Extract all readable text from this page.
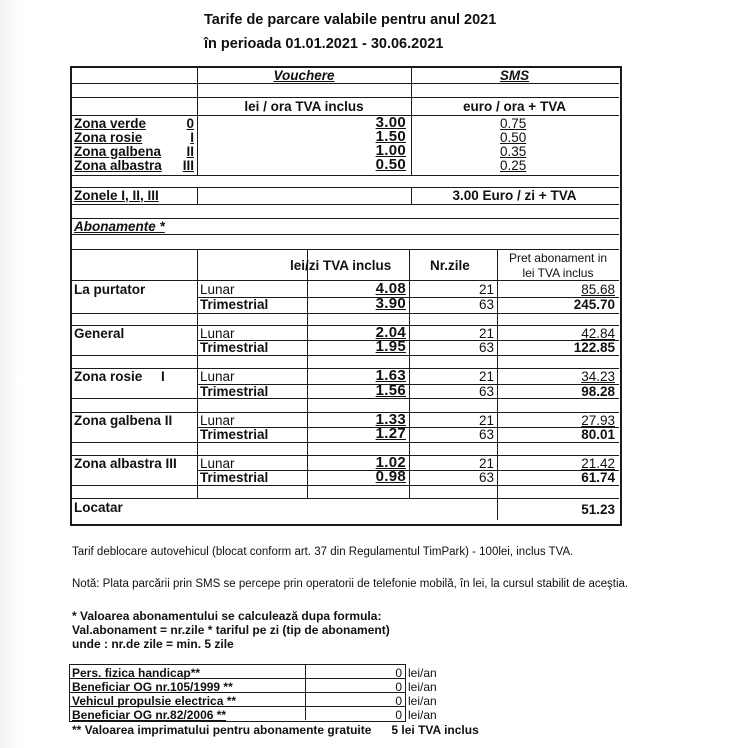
Tarife de parcare valabile pentru anul 2021
în perioada 01.01.2021 - 30.06.2021
Vouchere	SMS
lei / ora TVA inclus	euro / ora + TVA
Zona verde	0	3.00	0.75
Zona rosie	I	1.50	0.50
Zona galbena	II	1.00	0.35
Zona albastra	III	0.50	0.25
Zonele I, II, III	3.00 Euro / zi + TVA
Abonamente *
lei/zi TVA inclus	Nr.zile	Pret abonament in
lei TVA inclus
La purtator	Lunar	4.08	21	85.68
Trimestrial	3.90	63	245.70
General	Lunar	2.04	21	42.84
Trimestrial	1.95	63	122.85
Zona rosie     I	Lunar	1.63	21	34.23
Trimestrial	1.56	63	98.28
Zona galbena II Lunar	1.33	21	27.93
Trimestrial	1.27	63	80.01
Zona albastra III Lunar	1.02	21	21.42
Trimestrial	0.98	63	61.74
Locatar	51.23
Tarif deblocare autovehicul (blocat conform art. 37 din Regulamentul TimPark) - 100lei, inclus TVA.
Notă: Plata parcării prin SMS se percepe prin operatorii de telefonie mobilă, în lei, la cursul stabilit de aceştia.
* Valoarea abonamentului se calculează dupa formula:
Val.abonament = nr.zile * tariful pe zi (tip de abonament)
unde : nr.de zile = min. 5 zile
Pers. fizica handicap**	0 lei/an
Beneficiar OG nr.105/1999 **	0 lei/an
Vehicul propulsie electrica **	0 lei/an
Beneficiar OG nr.82/2006 **	0 lei/an
** Valoarea imprimatului pentru abonamente gratuite      5 lei TVA inclus
